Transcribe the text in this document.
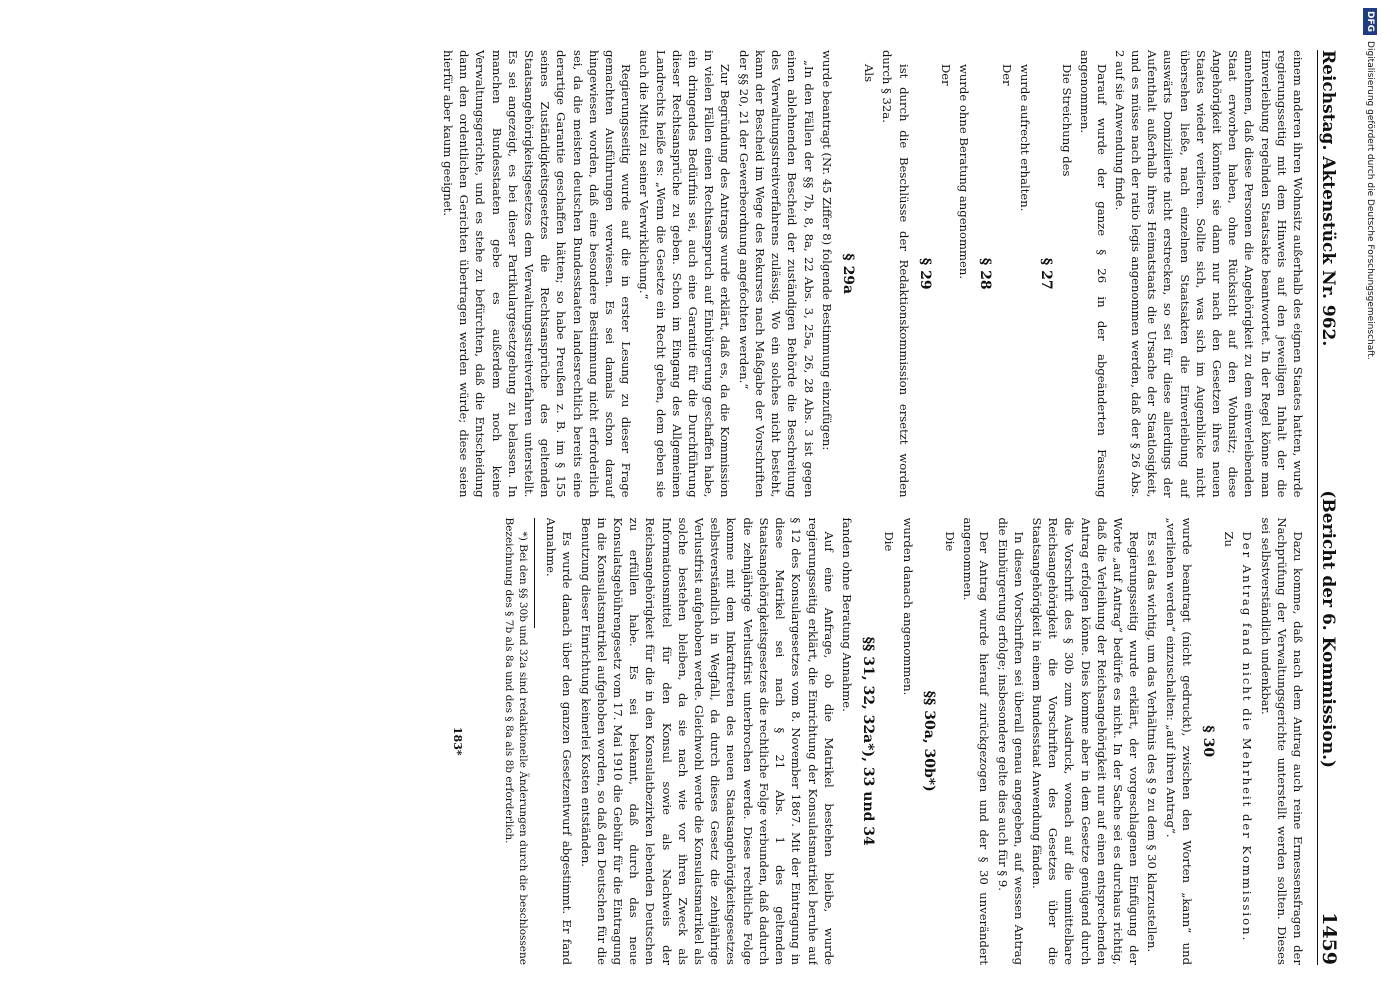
Reichstag. Aktenstück Nr. 962.
(Bericht der 6. Kommission.)
1459

einem anderen ihren Wohnsitz außerhalb des eignen Staates hatten, wurde regierungsseitig mit dem Hinweis auf den jeweiligen Inhalt der die Einverleibung regelnden Staatsakte beantwortet. In der Regel könne man annehmen, daß diese Personen die Angehörigkeit zu dem einverleibenden Staat erworben haben, ohne Rücksicht auf den Wohnsitz; diese Angehörigkeit könnten sie dann nur nach den Gesetzen ihres neuen Staates wieder verlieren. Sollte sich, was sich im Augenblicke nicht übersehen ließe, nach einzelnen Staatsakten die Einverleibung auf auswärts Domizilierte nicht erstrecken, so sei für diese allerdings der Aufenthalt außerhalb ihres Heimatstaats die Ursache der Staatlosigkeit, und es müsse nach der ratio legis angenommen werden, daß der § 26 Abs. 2 auf sie Anwendung finde.

Darauf wurde der ganze § 26 in der abgeänderten Fassung angenommen.

Die Streichung des

§ 27

wurde aufrecht erhalten.

Der

§ 28

wurde ohne Beratung angenommen.

Der

§ 29

ist durch die Beschlüsse der Redaktionskommission ersetzt worden durch § 32a.

Als

§ 29a

wurde beantragt (Nr. 45 Ziffer 8) folgende Bestimmung einzufügen:

„In den Fällen der §§ 7b, 8, 8a, 22 Abs. 3, 25a, 26, 28 Abs. 3 ist gegen einen ablehnenden Bescheid der zuständigen Behörde die Beschreitung des Verwaltungsstreitverfahrens zulässig. Wo ein solches nicht besteht, kann der Bescheid im Wege des Rekurses nach Maßgabe der Vorschriften der §§ 20, 21 der Gewerbeordnung angefochten werden.“

Zur Begründung des Antrags wurde erklärt, daß es, da die Kommission in vielen Fällen einen Rechtsanspruch auf Einbürgerung geschaffen habe, ein dringendes Bedürfnis sei, auch eine Garantie für die Durchführung dieser Rechtsansprüche zu geben. Schon im Eingang des Allgemeinen Landrechts heiße es: „Wenn die Gesetze ein Recht geben, dem geben sie auch die Mittel zu seiner Verwirklichung.“

Regierungsseitig wurde auf die in erster Lesung zu dieser Frage gemachten Ausführungen verwiesen. Es sei damals schon darauf hingewiesen worden, daß eine besondere Bestimmung nicht erforderlich sei, da die meisten deutschen Bundesstaaten landesrechtlich bereits eine derartige Garantie geschaffen hätten; so habe Preußen z. B. im § 155 seines Zuständigkeitsgesetzes die Rechtsansprüche des geltenden Staatsangehörigkeitsgesetzes dem Verwaltungsstreitverfahren unterstellt. Es sei angezeigt, es bei dieser Partikulargesetzgebung zu belassen. In manchen Bundesstaaten gebe es außerdem noch keine Verwaltungsgerichte, und es stehe zu befürchten, daß die Entscheidung dann den ordentlichen Gerichten übertragen werden würde; diese seien hierfür aber kaum geeignet.

Dazu komme, daß nach dem Antrag auch reine Ermessensfragen der Nachprüfung der Verwaltungsgerichte unterstellt werden sollten. Dieses sei selbstverständlich undenkbar.

Der Antrag fand nicht die Mehrheit der Kommission.

Zu

§ 30

wurde beantragt (nicht gedruckt), zwischen den Worten „kann“ und „verliehen werden“ einzuschalten: „auf ihren Antrag“.

Es sei das wichtig, um das Verhältnis des § 9 zu dem § 30 klarzustellen.

Regierungsseitig wurde erklärt, der vorgeschlagenen Einfügung der Worte „auf Antrag“ bedürfe es nicht. In der Sache sei es durchaus richtig, daß die Verleihung der Reichsangehörigkeit nur auf einen entsprechenden Antrag erfolgen könne. Dies komme aber in dem Gesetze genügend durch die Vorschrift des § 30b zum Ausdruck, wonach auf die unmittelbare Reichsangehörigkeit die Vorschriften des Gesetzes über die Staatsangehörigkeit in einem Bundesstaat Anwendung fänden.

In diesen Vorschriften sei überall genau angegeben, auf wessen Antrag die Einbürgerung erfolge; insbesondere gelte dies auch für § 9.

Der Antrag wurde hierauf zurückgezogen und der § 30 unverändert angenommen.

Die

§§ 30a, 30b*)

wurden danach angenommen.

Die

§§ 31, 32, 32a*), 33 und 34

fanden ohne Beratung Annahme.

Auf eine Anfrage, ob die Matrikel bestehen bleibe, wurde regierungsseitig erklärt, die Einrichtung der Konsulatsmatrikel beruhe auf § 12 des Konsulargesetzes vom 8. November 1867. Mit der Eintragung in diese Matrikel sei nach § 21 Abs. 1 des geltenden Staatsangehörigkeitsgesetzes die rechtliche Folge verbunden, daß dadurch die zehnjährige Verlustfrist unterbrochen werde. Diese rechtliche Folge komme mit dem Inkrafttreten des neuen Staatsangehörigkeitsgesetzes selbstverständlich in Wegfall, da durch dieses Gesetz die zehnjährige Verlustfrist aufgehoben werde. Gleichwohl werde die Konsulatsmatrikel als solche bestehen bleiben, da sie nach wie vor ihren Zweck als Informationsmittel für den Konsul sowie als Nachweis der Reichsangehörigkeit für die in den Konsulatbezirken lebenden Deutschen zu erfüllen habe. Es sei bekannt, daß durch das neue Konsulatsgebührengesetz vom 17. Mai 1910 die Gebühr für die Eintragung in die Konsulatsmatrikel aufgehoben worden, so daß den Deutschen für die Benutzung dieser Einrichtung keinerlei Kosten entständen.

Es wurde danach über den ganzen Gesetzentwurf abgestimmt. Er fand Annahme.

*) Bei den §§ 30b und 32a sind redaktionelle Änderungen durch die beschlossene Bezeichnung des § 7b als 8a und des § 8a als 8b erforderlich.

183*
DFGDigitalisierung gefördert durch die Deutsche Forschungsgemeinschaft.
